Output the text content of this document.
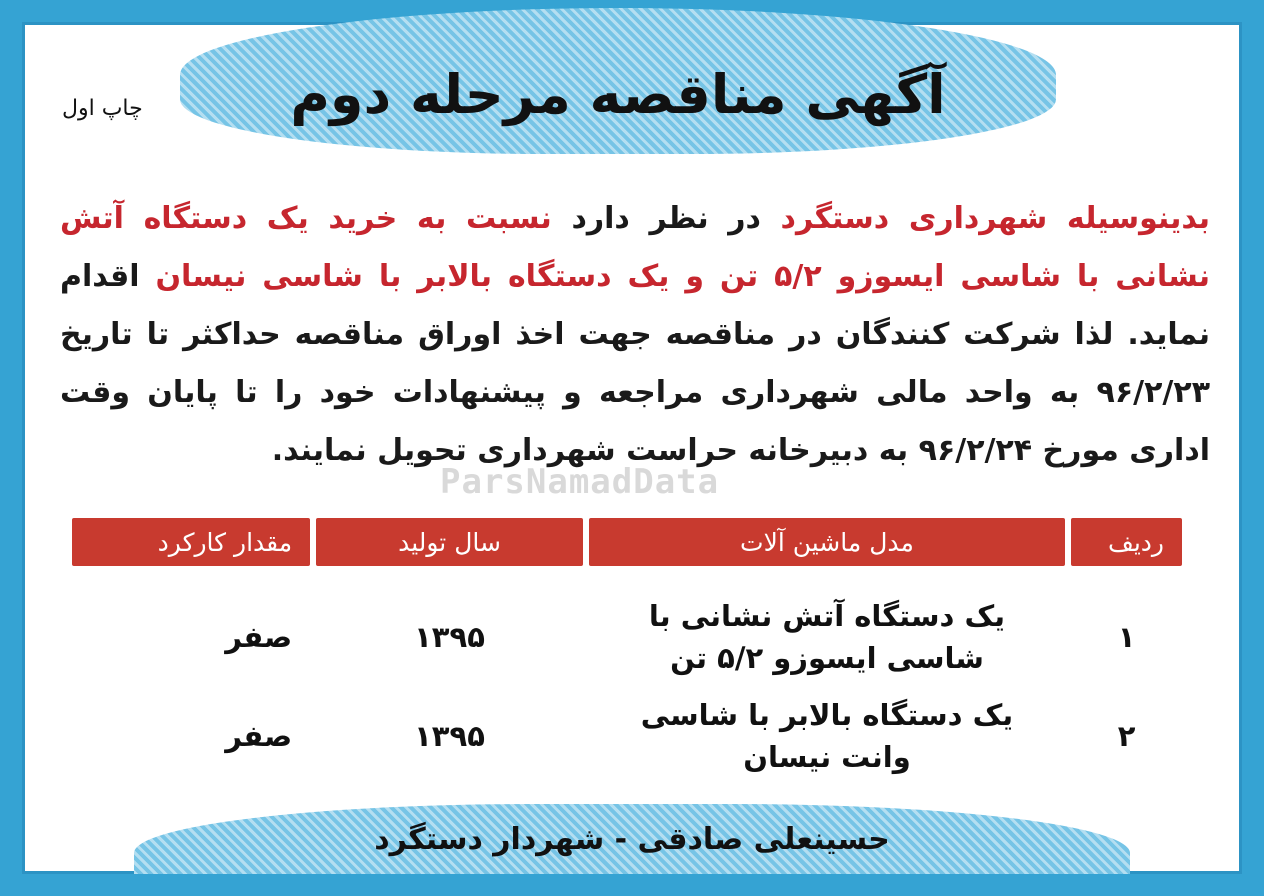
آگهی مناقصه مرحله دوم
چاپ اول
بدینوسیله شهرداری دستگرد در نظر دارد نسبت به خرید یک دستگاه آتش نشانی با شاسی ایسوزو ۵/۲ تن و یک دستگاه بالابر با شاسی نیسان اقدام نماید. لذا شرکت کنندگان در مناقصه جهت اخذ اوراق مناقصه حداکثر تا تاریخ ۹۶/۲/۲۳ به واحد مالی شهرداری مراجعه و پیشنهادات خود را تا پایان وقت اداری مورخ ۹۶/۲/۲۴ به دبیرخانه حراست شهرداری تحویل نمایند.
ParsNamadData
ردیف	مدل ماشین آلات	سال تولید	مقدار کارکرد
۱	یک دستگاه آتش نشانی با شاسی ایسوزو ۵/۲ تن	۱۳۹۵	صفر
۲	یک دستگاه بالابر با شاسی وانت نیسان	۱۳۹۵	صفر
حسینعلی صادقی - شهردار دستگرد
